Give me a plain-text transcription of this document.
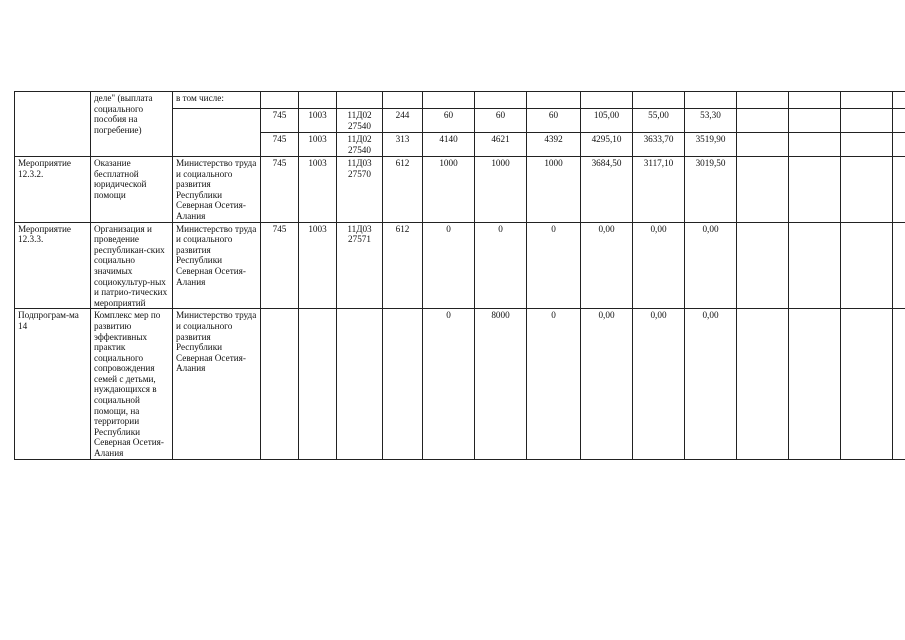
	деле" (выплата социального пособия на погребение)	в том числе:														
			745	1003	11Д02 27540	244	60	60	60	105,00	55,00	53,30				
			745	1003	11Д02 27540	313	4140	4621	4392	4295,10	3633,70	3519,90				
Мероприятие 12.3.2.	Оказание бесплатной юридической помощи	Министерство труда и социального развития Республики Северная Осетия-Алания	745	1003	11Д03 27570	612	1000	1000	1000	3684,50	3117,10	3019,50				
Мероприятие 12.3.3.	Организация и проведение республикан-ских социально значимых социокультур-ных и патрио-тических мероприятий	Министерство труда и социального развития Республики Северная Осетия-Алания	745	1003	11Д03 27571	612	0	0	0	0,00	0,00	0,00				
Подпрограм-ма 14	Комплекс мер по развитию эффективных практик социального сопровождения семей с детьми, нуждающихся в социальной помощи, на территории Республики Северная Осетия-Алания	Министерство труда и социального развития Республики Северная Осетия-Алания					0	8000	0	0,00	0,00	0,00				
